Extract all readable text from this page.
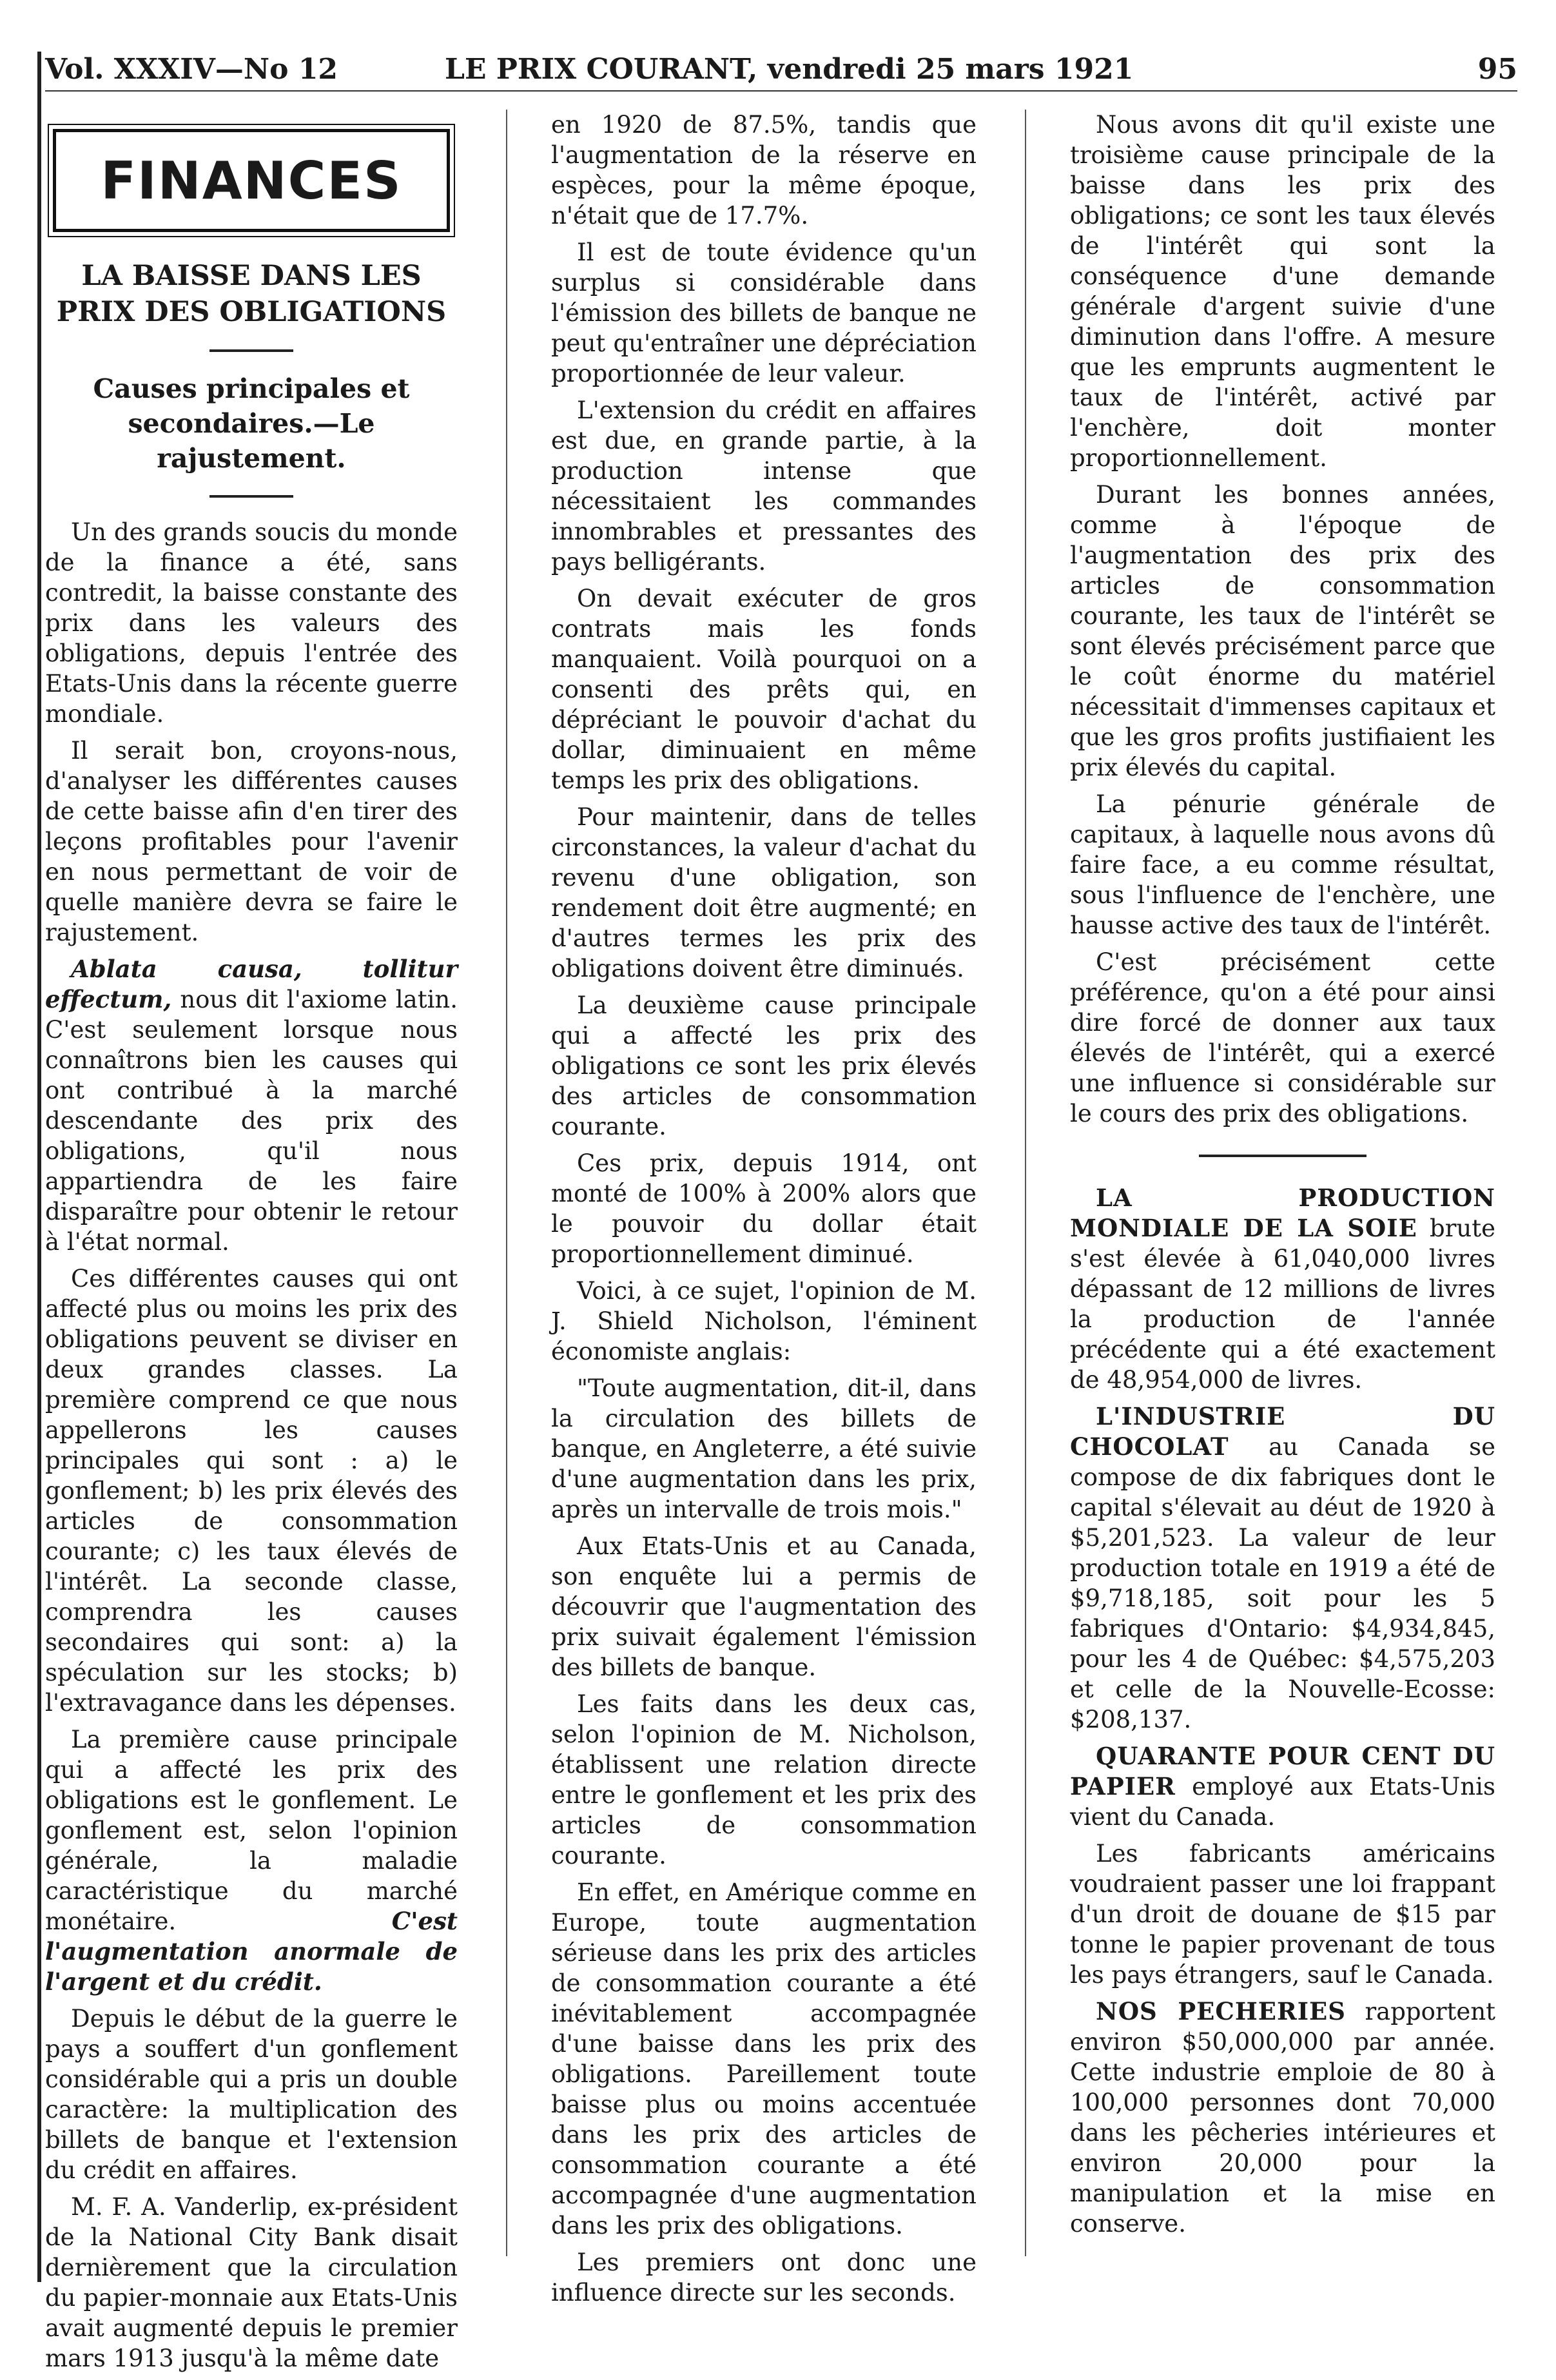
Vol. XXXIV—No 12	LE PRIX COURANT, vendredi 25 mars 1921	95
FINANCES
LA BAISSE DANS LES PRIX DES OBLIGATIONS
Causes principales et secondaires.—Le rajustement.

Un des grands soucis du monde de la finance a été, sans contredit, la baisse constante des prix dans les valeurs des obligations, depuis l'entrée des Etats-Unis dans la récente guerre mondiale.

Il serait bon, croyons-nous, d'analyser les différentes causes de cette baisse afin d'en tirer des leçons profitables pour l'avenir en nous permettant de voir de quelle manière devra se faire le rajustement.

Ablata causa, tollitur effectum, nous dit l'axiome latin. C'est seulement lorsque nous connaîtrons bien les causes qui ont contribué à la marché descendante des prix des obligations, qu'il nous appartiendra de les faire disparaître pour obtenir le retour à l'état normal.

Ces différentes causes qui ont affecté plus ou moins les prix des obligations peuvent se diviser en deux grandes classes. La première comprend ce que nous appellerons les causes principales qui sont : a) le gonflement; b) les prix élevés des articles de consommation courante; c) les taux élevés de l'intérêt. La seconde classe, comprendra les causes secondaires qui sont: a) la spéculation sur les stocks; b) l'extravagance dans les dépenses.

La première cause principale qui a affecté les prix des obligations est le gonflement. Le gonflement est, selon l'opinion générale, la maladie caractéristique du marché monétaire.	C'est l'augmentation anormale de l'argent et du crédit.

Depuis le début de la guerre le pays a souffert d'un gonflement considérable qui a pris un double caractère: la multiplication des billets de banque et l'extension du crédit en affaires.

M. F. A. Vanderlip, ex-président de la National City Bank disait dernièrement que la circulation du papier-monnaie aux Etats-Unis avait augmenté depuis le premier mars 1913 jusqu'à la même date

en 1920 de 87.5%, tandis que l'augmentation de la réserve en espèces, pour la même époque, n'était que de 17.7%.

Il est de toute évidence qu'un surplus si considérable dans l'émission des billets de banque ne peut qu'entraîner une dépréciation proportionnée de leur valeur.

L'extension du crédit en affaires est due, en grande partie, à la production intense que nécessitaient les commandes innombrables et pressantes des pays belligérants.

On devait exécuter de gros contrats mais les fonds manquaient. Voilà pourquoi on a consenti des prêts qui, en dépréciant le pouvoir d'achat du dollar, diminuaient en même temps les prix des obligations.

Pour maintenir, dans de telles circonstances, la valeur d'achat du revenu d'une obligation, son rendement doit être augmenté; en d'autres termes les prix des obligations doivent être diminués.

La deuxième cause principale qui a affecté les prix des obligations ce sont les prix élevés des articles de consommation courante.

Ces prix, depuis 1914, ont monté de 100% à 200% alors que le pouvoir du dollar était proportionnellement diminué.

Voici, à ce sujet, l'opinion de M. J. Shield Nicholson, l'éminent économiste anglais:

"Toute augmentation, dit-il, dans la circulation des billets de banque, en Angleterre, a été suivie d'une augmentation dans les prix, après un intervalle de trois mois."

Aux Etats-Unis et au Canada, son enquête lui a permis de découvrir que l'augmentation des prix suivait également l'émission des billets de banque.

Les faits dans les deux cas, selon l'opinion de M. Nicholson, établissent une relation directe entre le gonflement et les prix des articles de consommation courante.

En effet, en Amérique comme en Europe, toute augmentation sérieuse dans les prix des articles de consommation courante a été inévitablement accompagnée d'une baisse dans les prix des obligations. Pareillement toute baisse plus ou moins accentuée dans les prix des articles de consommation courante a été accompagnée d'une augmentation dans les prix des obligations.

Les premiers ont donc une influence directe sur les seconds.

Nous avons dit qu'il existe une troisième cause principale de la baisse dans les prix des obligations; ce sont les taux élevés de l'intérêt qui sont la conséquence d'une demande générale d'argent suivie d'une diminution dans l'offre. A mesure que les emprunts augmentent le taux de l'intérêt, activé par l'enchère, doit monter proportionnellement.

Durant les bonnes années, comme à l'époque de l'augmentation des prix des articles de consommation courante, les taux de l'intérêt se sont élevés précisément parce que le coût énorme du matériel nécessitait d'immenses capitaux et que les gros profits justifiaient les prix élevés du capital.

La pénurie générale de capitaux, à laquelle nous avons dû faire face, a eu comme résultat, sous l'influence de l'enchère, une hausse active des taux de l'intérêt.

C'est précisément cette préférence, qu'on a été pour ainsi dire forcé de donner aux taux élevés de l'intérêt, qui a exercé une influence si considérable sur le cours des prix des obligations.

LA PRODUCTION MONDIALE DE LA SOIE brute s'est élevée à 61,040,000 livres dépassant de 12 millions de livres la production de l'année précédente qui a été exactement de 48,954,000 de livres.

L'INDUSTRIE DU CHOCOLAT au Canada se compose de dix fabriques dont le capital s'élevait au déut de 1920 à $5,201,523. La valeur de leur production totale en 1919 a été de $9,718,185, soit pour les 5 fabriques d'Ontario: $4,934,845, pour les 4 de Québec: $4,575,203 et celle de la Nouvelle-Ecosse: $208,137.

QUARANTE POUR CENT DU PAPIER employé aux Etats-Unis vient du Canada.

Les fabricants américains voudraient passer une loi frappant d'un droit de douane de $15 par tonne le papier provenant de tous les pays étrangers, sauf le Canada.

NOS PECHERIES rapportent environ $50,000,000 par année. Cette industrie emploie de 80 à 100,000 personnes dont 70,000 dans les pêcheries intérieures et environ 20,000 pour la manipulation et la mise en conserve.
